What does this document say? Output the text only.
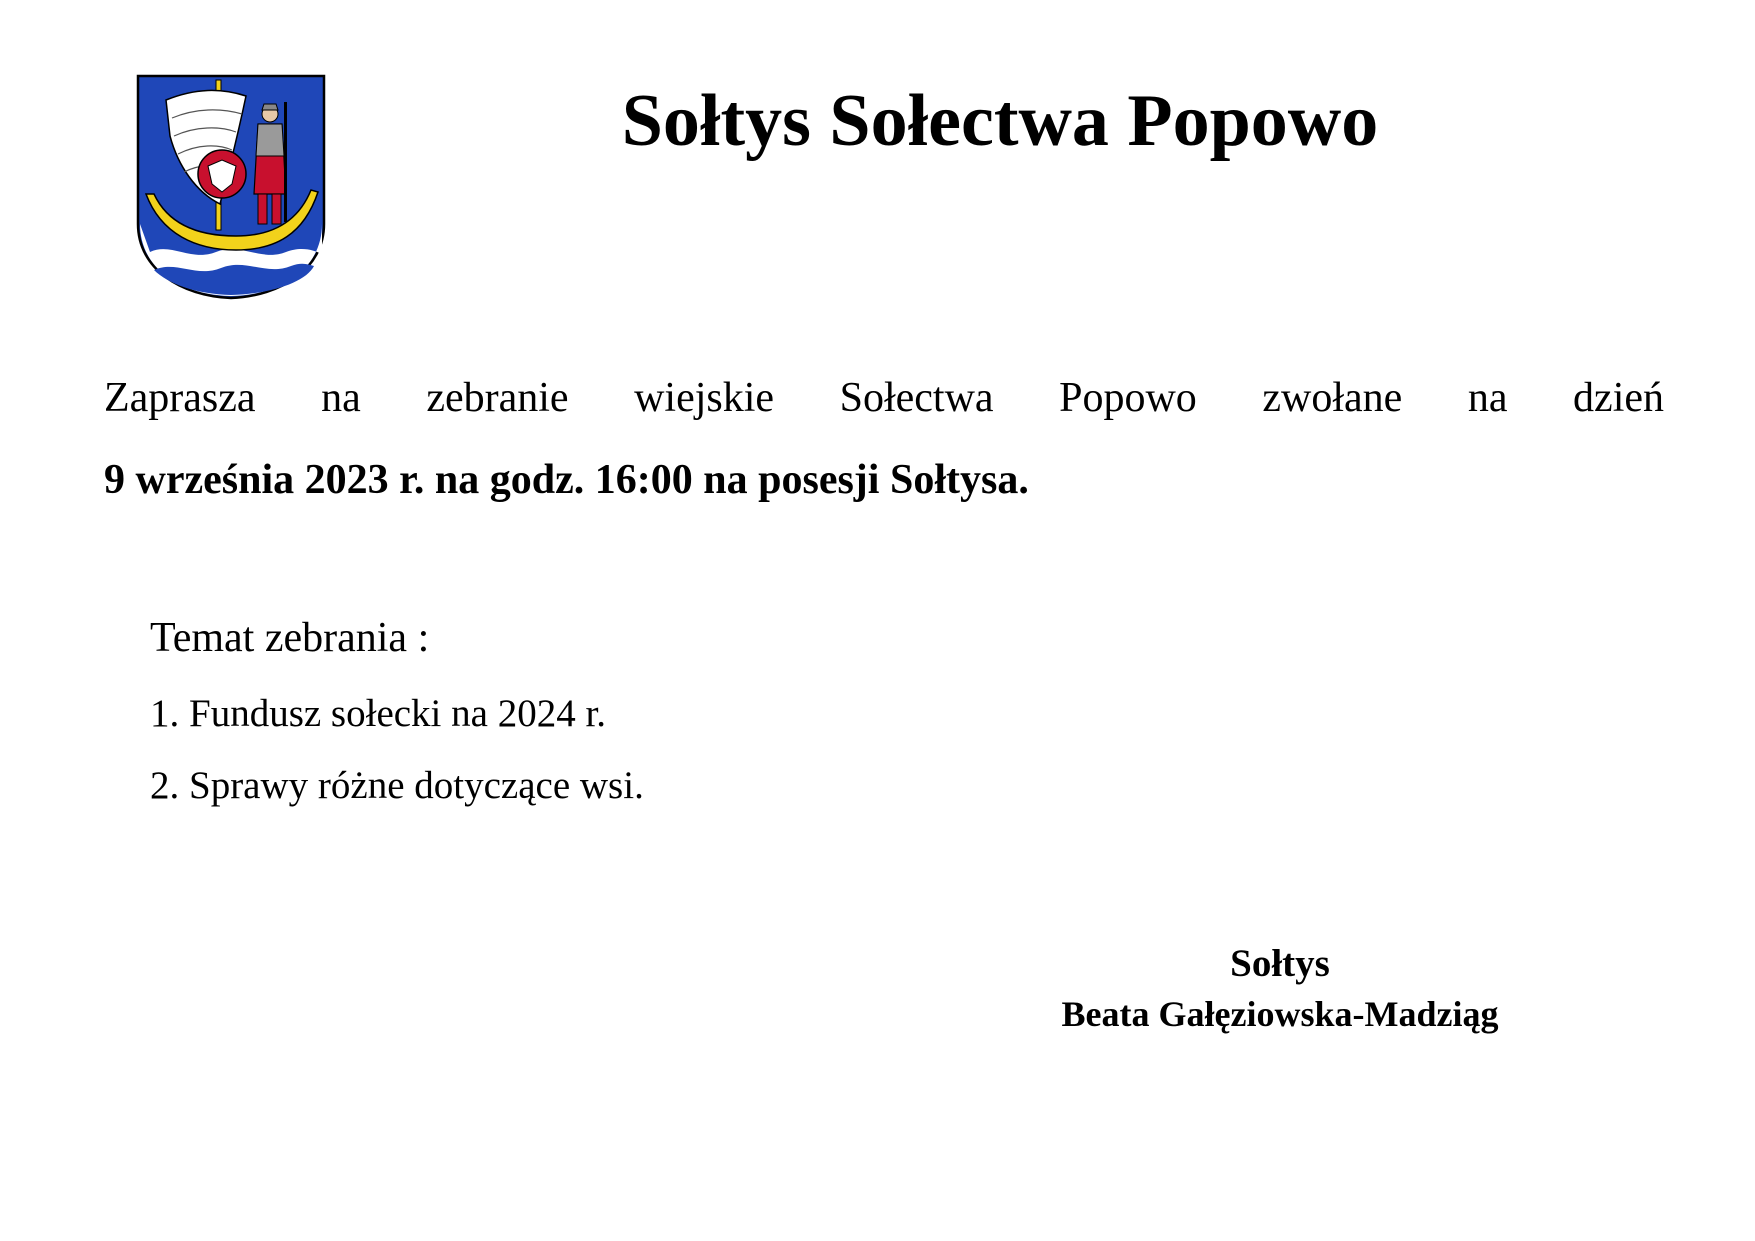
Sołtys Sołectwa Popowo
Zaprasza na zebranie wiejskie Sołectwa Popowo zwołane na dzień
9 września 2023 r. na godz. 16:00 na posesji Sołtysa.
Temat zebrania :
1. Fundusz sołecki na 2024 r.
2. Sprawy różne dotyczące wsi.
Sołtys
Beata Gałęziowska-Madziąg
